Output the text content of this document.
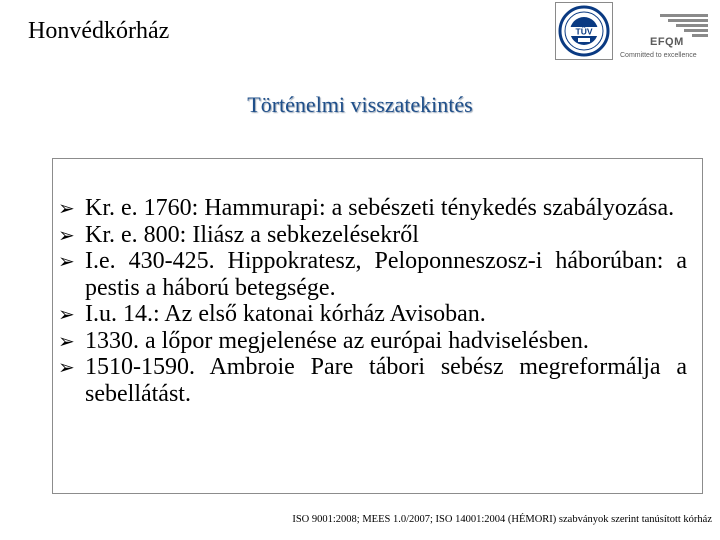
Honvédkórház	TÜV
EFQM
Committed to excellence
Történelmi visszatekintés
➢ Kr. e. 1760: Hammurapi: a sebészeti ténykedés szabályozása.
➢ Kr. e. 800: Iliász a sebkezelésekről
➢ I.e. 430-425. Hippokratesz, Peloponneszosz-i háborúban: a pestis a háború betegsége.
➢ I.u. 14.: Az első katonai kórház Avisoban.
➢ 1330. a lőpor megjelenése az európai hadviselésben.
➢ 1510-1590. Ambroie Pare tábori sebész megreformálja a sebellátást.
ISO 9001:2008; MEES 1.0/2007; ISO 14001:2004 (HÉMORI) szabványok szerint tanúsított kórház
